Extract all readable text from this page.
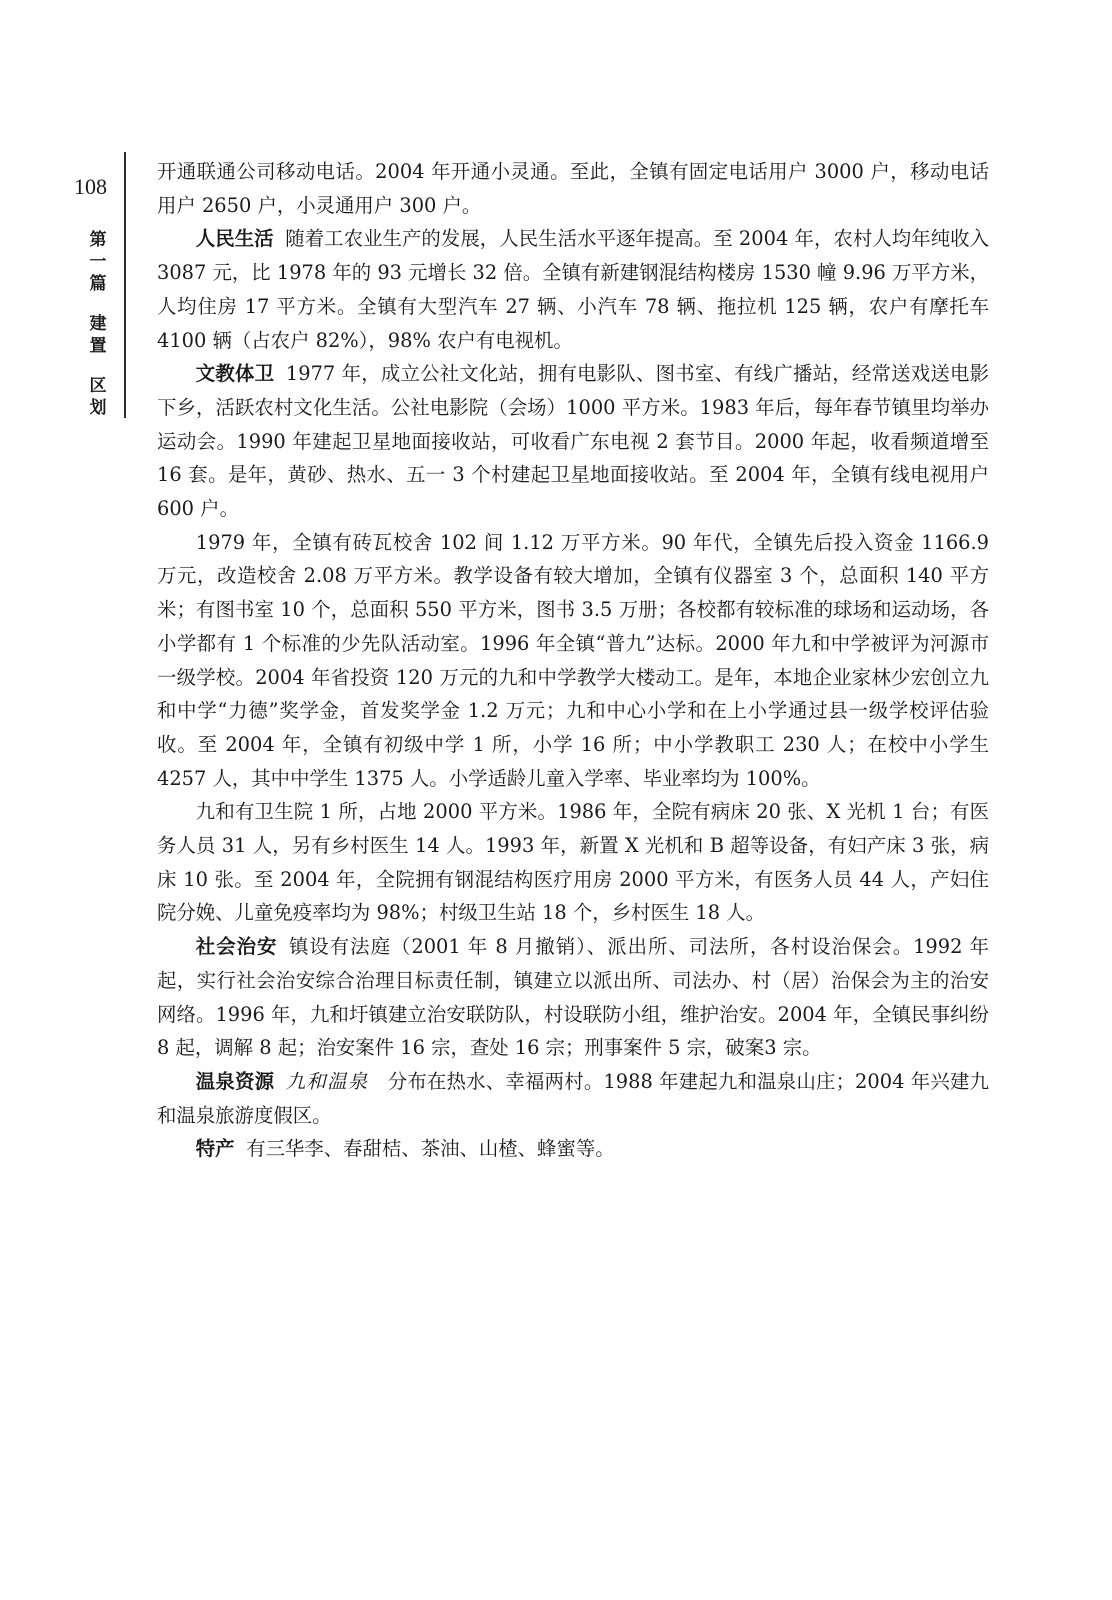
108
第
一
篇
建
置
区
划

开通联通公司移动电话。2004 年开通小灵通。至此，全镇有固定电话用户 3000 户，移动电话用户 2650 户，小灵通用户 300 户。

人民生活 随着工农业生产的发展，人民生活水平逐年提高。至 2004 年，农村人均年纯收入 3087 元，比 1978 年的 93 元增长 32 倍。全镇有新建钢混结构楼房 1530 幢 9.96 万平方米，人均住房 17 平方米。全镇有大型汽车 27 辆、小汽车 78 辆、拖拉机 125 辆，农户有摩托车 4100 辆（占农户 82%），98% 农户有电视机。

文教体卫 1977 年，成立公社文化站，拥有电影队、图书室、有线广播站，经常送戏送电影下乡，活跃农村文化生活。公社电影院（会场）1000 平方米。1983 年后，每年春节镇里均举办运动会。1990 年建起卫星地面接收站，可收看广东电视 2 套节目。2000 年起，收看频道增至 16 套。是年，黄砂、热水、五一 3 个村建起卫星地面接收站。至 2004 年，全镇有线电视用户 600 户。

1979 年，全镇有砖瓦校舍 102 间 1.12 万平方米。90 年代，全镇先后投入资金 1166.9 万元，改造校舍 2.08 万平方米。教学设备有较大增加，全镇有仪器室 3 个，总面积 140 平方米；有图书室 10 个，总面积 550 平方米，图书 3.5 万册；各校都有较标准的球场和运动场，各小学都有 1 个标准的少先队活动室。1996 年全镇“普九”达标。2000 年九和中学被评为河源市一级学校。2004 年省投资 120 万元的九和中学教学大楼动工。是年，本地企业家林少宏创立九和中学“力德”奖学金，首发奖学金 1.2 万元；九和中心小学和在上小学通过县一级学校评估验收。至 2004 年，全镇有初级中学 1 所，小学 16 所；中小学教职工 230 人；在校中小学生 4257 人，其中中学生 1375 人。小学适龄儿童入学率、毕业率均为 100%。

九和有卫生院 1 所，占地 2000 平方米。1986 年，全院有病床 20 张、X 光机 1 台；有医务人员 31 人，另有乡村医生 14 人。1993 年，新置 X 光机和 B 超等设备，有妇产床 3 张，病床 10 张。至 2004 年，全院拥有钢混结构医疗用房 2000 平方米，有医务人员 44 人，产妇住院分娩、儿童免疫率均为 98%；村级卫生站 18 个，乡村医生 18 人。

社会治安 镇设有法庭（2001 年 8 月撤销）、派出所、司法所，各村设治保会。1992 年起，实行社会治安综合治理目标责任制，镇建立以派出所、司法办、村（居）治保会为主的治安网络。1996 年，九和圩镇建立治安联防队，村设联防小组，维护治安。2004 年，全镇民事纠纷 8 起，调解 8 起；治安案件 16 宗，查处 16 宗；刑事案件 5 宗，破案3 宗。

温泉资源 九和温泉 分布在热水、幸福两村。1988 年建起九和温泉山庄；2004 年兴建九和温泉旅游度假区。

特产 有三华李、春甜桔、茶油、山楂、蜂蜜等。
